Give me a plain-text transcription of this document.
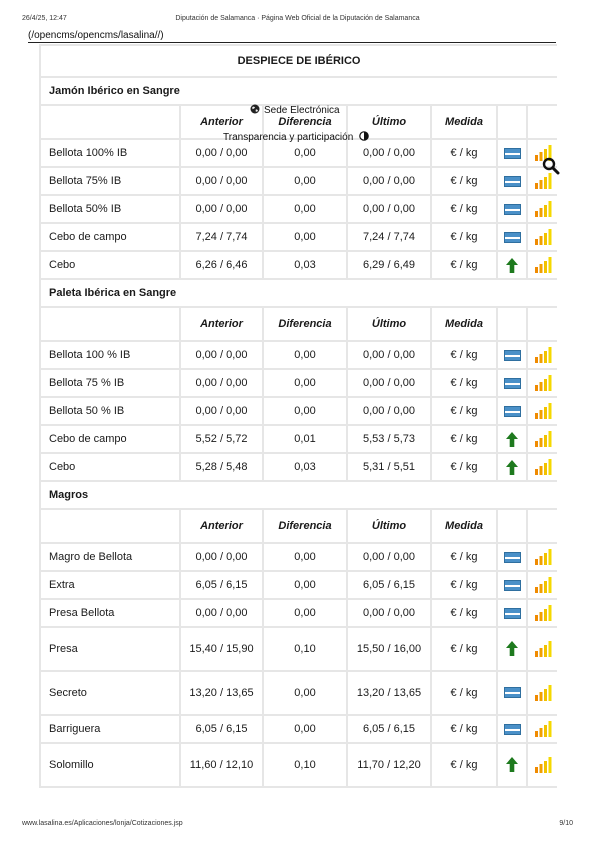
26/4/25, 12:47	Diputación de Salamanca · Página Web Oficial de la Diputación de Salamanca
(/opencms/opencms/lasalina//)
DESPIECE DE IBÉRICO						
Jamón Ibérico en Sangre						
	Anterior	Diferencia	Último	Medida		
Bellota 100% IB	0,00 / 0,00	0,00	0,00 / 0,00	€ / kg		
Bellota 75% IB	0,00 / 0,00	0,00	0,00 / 0,00	€ / kg		
Bellota 50% IB	0,00 / 0,00	0,00	0,00 / 0,00	€ / kg		
Cebo de campo	7,24 / 7,74	0,00	7,24 / 7,74	€ / kg		
Cebo	6,26 / 6,46	0,03	6,29 / 6,49	€ / kg		
Paleta Ibérica en Sangre						
	Anterior	Diferencia	Último	Medida		
Bellota 100 % IB	0,00 / 0,00	0,00	0,00 / 0,00	€ / kg		
Bellota 75 % IB	0,00 / 0,00	0,00	0,00 / 0,00	€ / kg		
Bellota 50 % IB	0,00 / 0,00	0,00	0,00 / 0,00	€ / kg		
Cebo de campo	5,52 / 5,72	0,01	5,53 / 5,73	€ / kg		
Cebo	5,28 / 5,48	0,03	5,31 / 5,51	€ / kg		
Magros						
	Anterior	Diferencia	Último	Medida		
Magro de Bellota	0,00 / 0,00	0,00	0,00 / 0,00	€ / kg		
Extra	6,05 / 6,15	0,00	6,05 / 6,15	€ / kg		
Presa Bellota	0,00 / 0,00	0,00	0,00 / 0,00	€ / kg		
Presa	15,40 / 15,90	0,10	15,50 / 16,00	€ / kg		
Secreto	13,20 / 13,65	0,00	13,20 / 13,65	€ / kg		
Barriguera	6,05 / 6,15	0,00	6,05 / 6,15	€ / kg		
Solomillo	11,60 / 12,10	0,10	11,70 / 12,20	€ / kg		
Sede Electrónica
Transparencia y participación
www.lasalina.es/Aplicaciones/lonja/Cotizaciones.jsp	9/10
